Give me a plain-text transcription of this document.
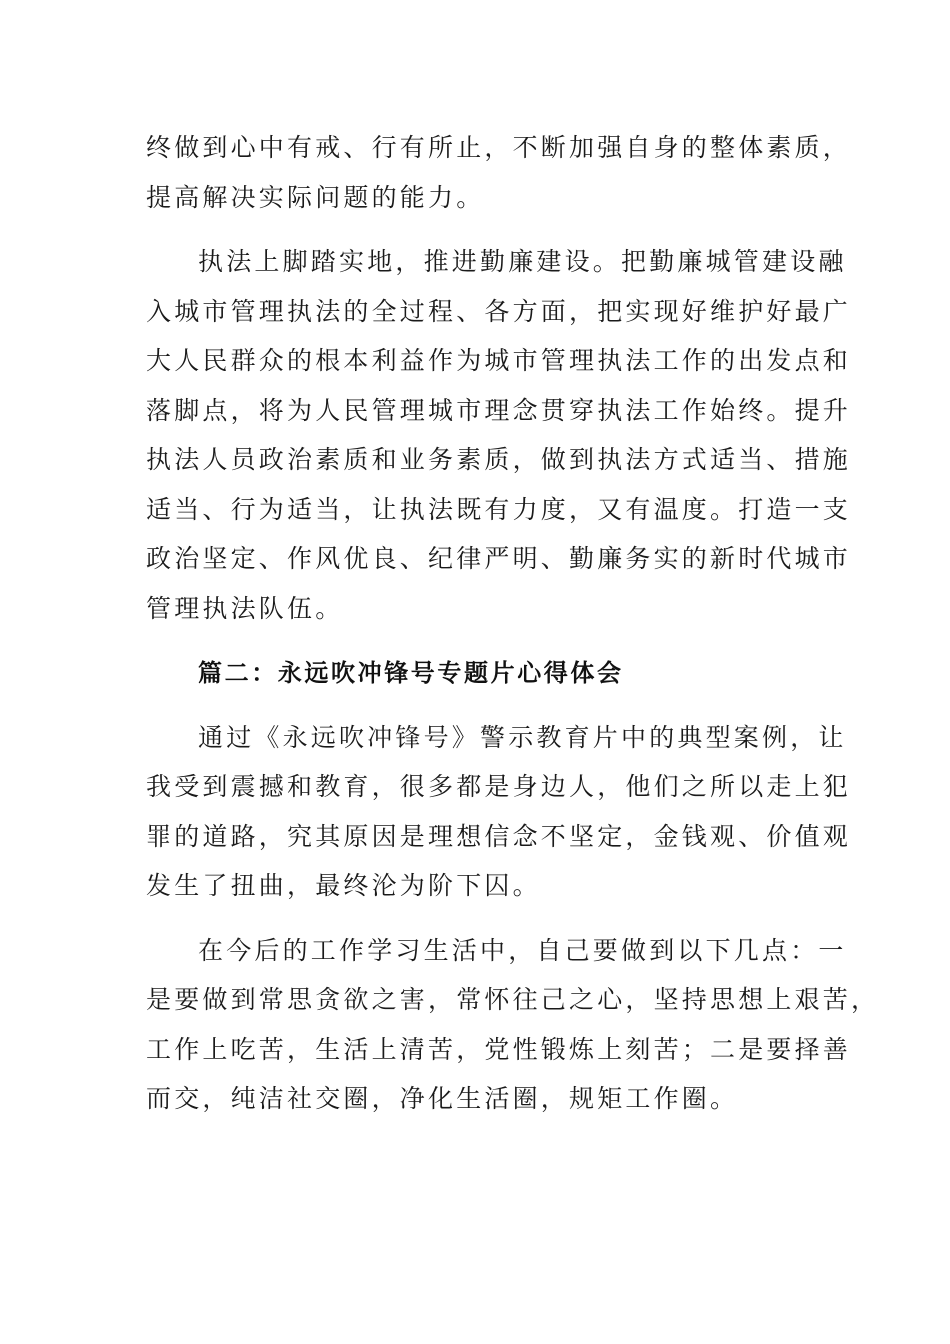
终做到心中有戒、行有所止，不断加强自身的整体素质，
提高解决实际问题的能力。
执法上脚踏实地，推进勤廉建设。把勤廉城管建设融
入城市管理执法的全过程、各方面，把实现好维护好最广
大人民群众的根本利益作为城市管理执法工作的出发点和
落脚点，将为人民管理城市理念贯穿执法工作始终。提升
执法人员政治素质和业务素质，做到执法方式适当、措施
适当、行为适当，让执法既有力度，又有温度。打造一支
政治坚定、作风优良、纪律严明、勤廉务实的新时代城市
管理执法队伍。
篇二：永远吹冲锋号专题片心得体会
通过《永远吹冲锋号》警示教育片中的典型案例，让
我受到震撼和教育，很多都是身边人，他们之所以走上犯
罪的道路，究其原因是理想信念不坚定，金钱观、价值观
发生了扭曲，最终沦为阶下囚。
在今后的工作学习生活中，自己要做到以下几点：一
是要做到常思贪欲之害，常怀往己之心，坚持思想上艰苦，
工作上吃苦，生活上清苦，党性锻炼上刻苦；二是要择善
而交，纯洁社交圈，净化生活圈，规矩工作圈。
